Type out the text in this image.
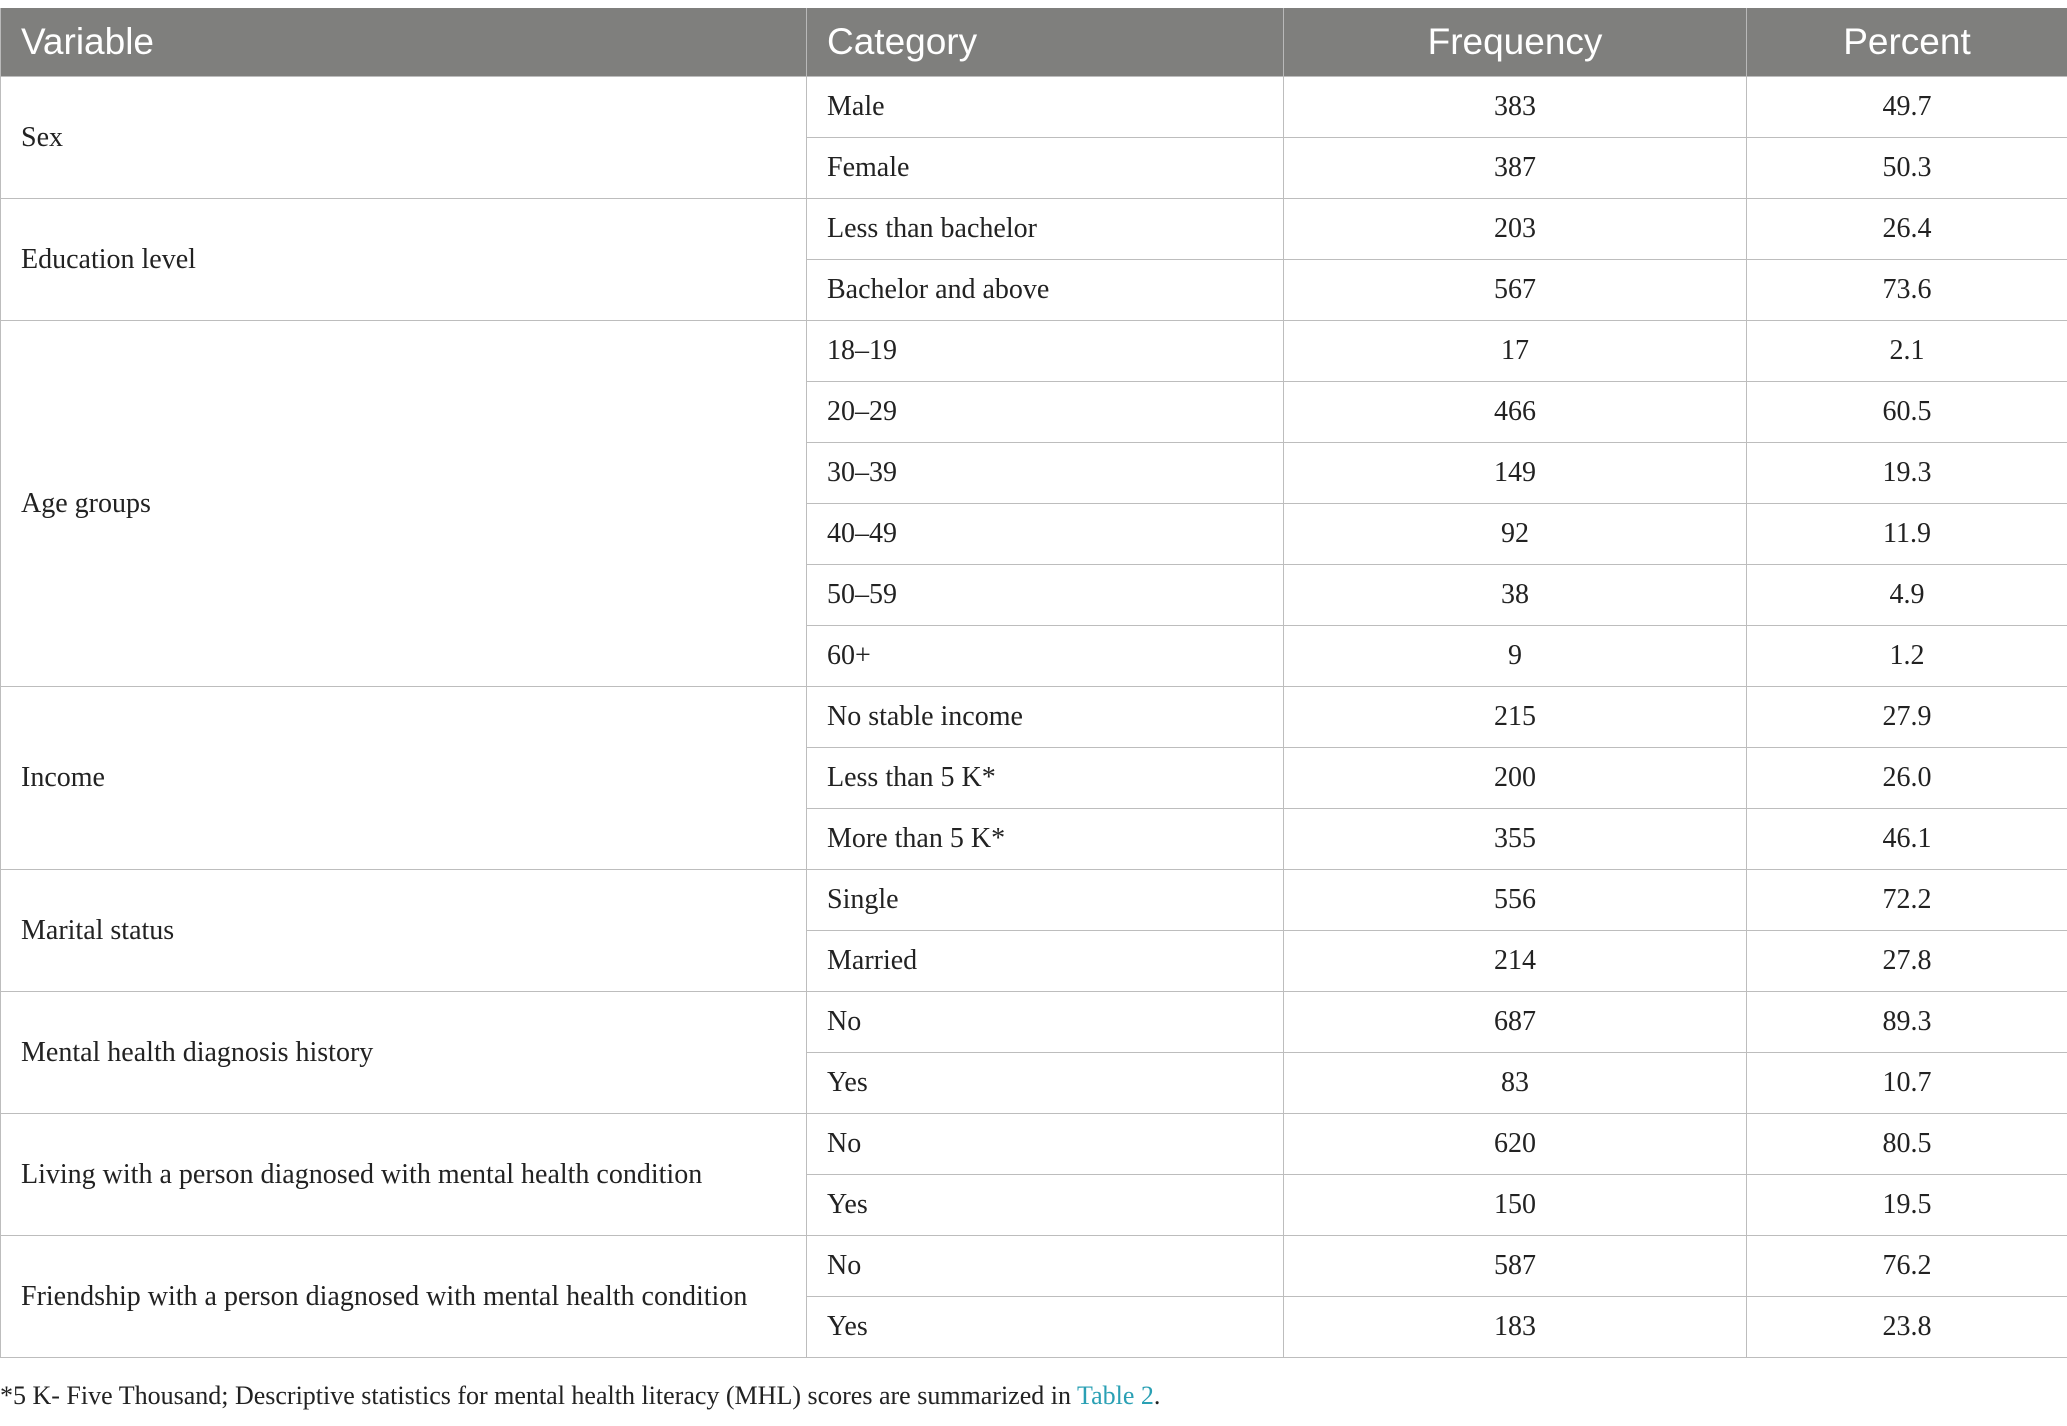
Variable	Category	Frequency	Percent
Sex	Male	383	49.7
	Female	387	50.3
Education level	Less than bachelor	203	26.4
	Bachelor and above	567	73.6
Age groups	18–19	17	2.1
	20–29	466	60.5
	30–39	149	19.3
	40–49	92	11.9
	50–59	38	4.9
	60+	9	1.2
Income	No stable income	215	27.9
	Less than 5 K*	200	26.0
	More than 5 K*	355	46.1
Marital status	Single	556	72.2
	Married	214	27.8
Mental health diagnosis history	No	687	89.3
	Yes	83	10.7
Living with a person diagnosed with mental health condition	No	620	80.5
	Yes	150	19.5
Friendship with a person diagnosed with mental health condition	No	587	76.2
	Yes	183	23.8
*5 K- Five Thousand; Descriptive statistics for mental health literacy (MHL) scores are summarized in Table 2.
